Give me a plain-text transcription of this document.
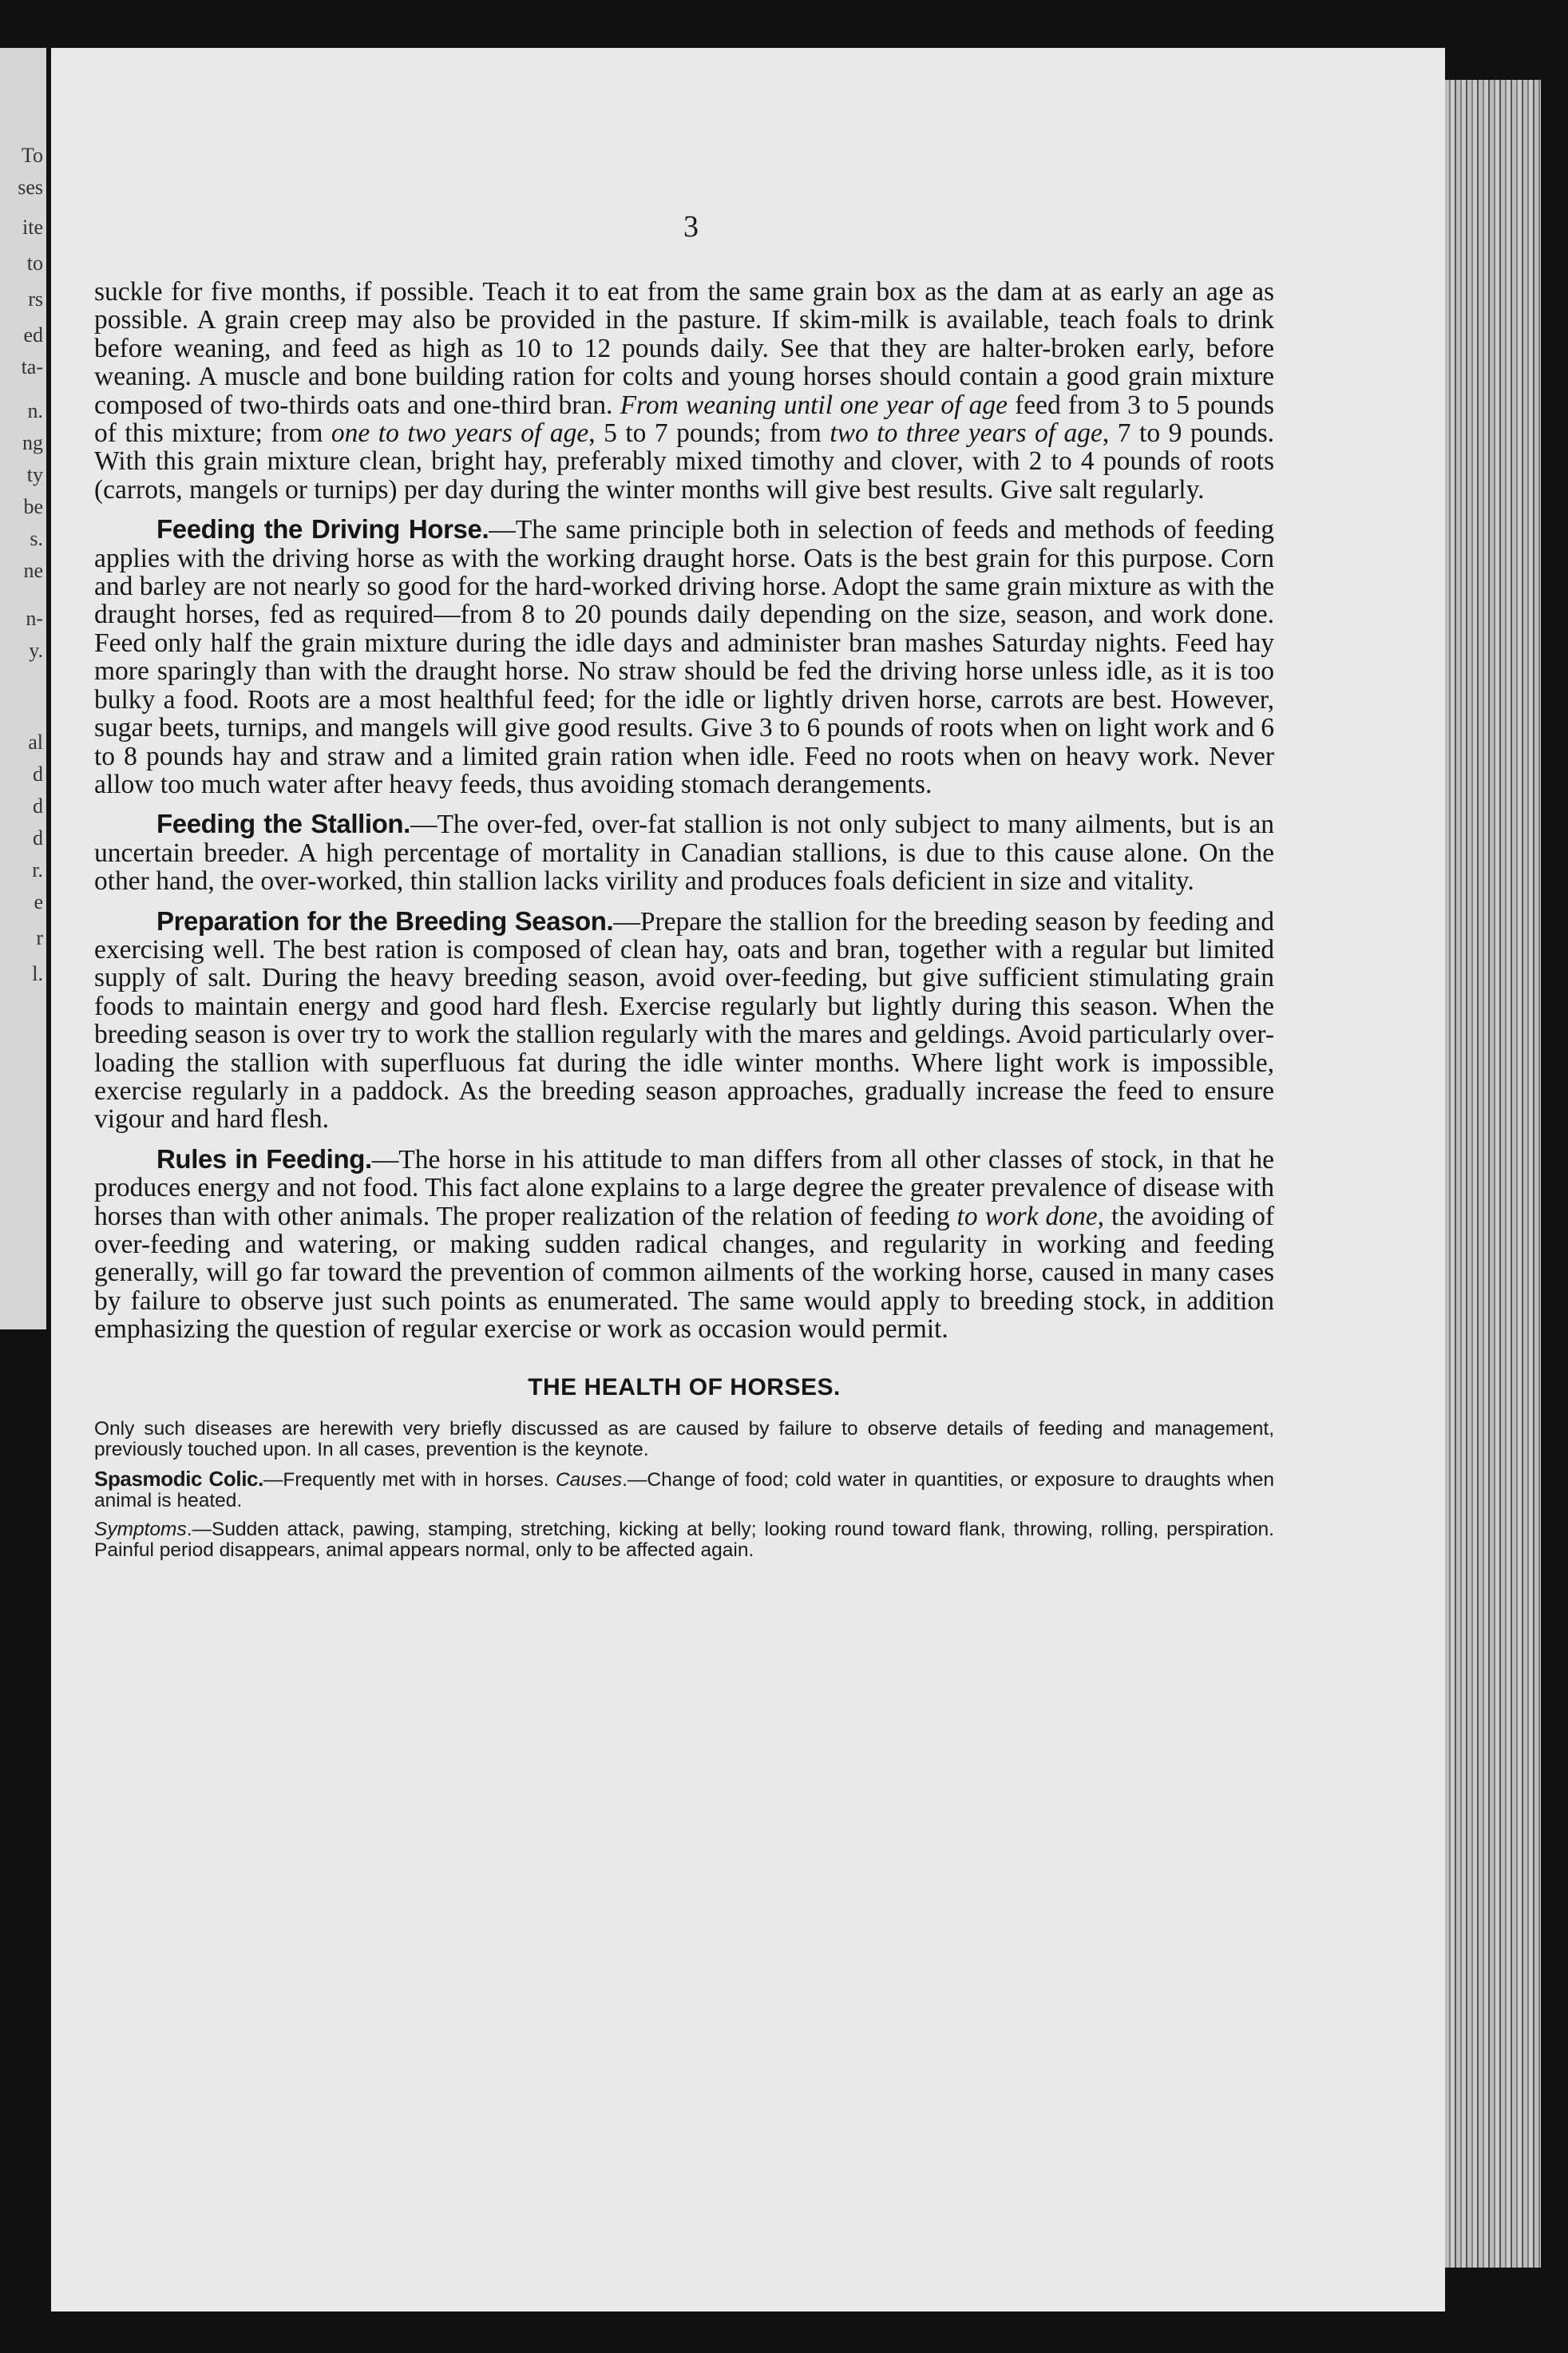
To
ses
ite
to
rs
ed
ta-
n.
ng
ty
be
s.
ne
n-
y.
al
d
d
d
r.
e
r
l.
3

suckle for five months, if possible. Teach it to eat from the same grain box as the dam at as early an age as possible. A grain creep may also be provided in the pasture. If skim-milk is available, teach foals to drink before weaning, and feed as high as 10 to 12 pounds daily. See that they are halter-broken early, before weaning. A muscle and bone building ration for colts and young horses should contain a good grain mixture composed of two-thirds oats and one-third bran. From weaning until one year of age feed from 3 to 5 pounds of this mixture; from one to two years of age, 5 to 7 pounds; from two to three years of age, 7 to 9 pounds. With this grain mixture clean, bright hay, preferably mixed timothy and clover, with 2 to 4 pounds of roots (carrots, mangels or turnips) per day during the winter months will give best results. Give salt regularly.

Feeding the Driving Horse.—The same principle both in selection of feeds and methods of feeding applies with the driving horse as with the working draught horse. Oats is the best grain for this purpose. Corn and barley are not nearly so good for the hard-worked driving horse. Adopt the same grain mixture as with the draught horses, fed as required—from 8 to 20 pounds daily depending on the size, season, and work done. Feed only half the grain mixture during the idle days and administer bran mashes Saturday nights. Feed hay more sparingly than with the draught horse. No straw should be fed the driving horse unless idle, as it is too bulky a food. Roots are a most healthful feed; for the idle or lightly driven horse, carrots are best. However, sugar beets, turnips, and mangels will give good results. Give 3 to 6 pounds of roots when on light work and 6 to 8 pounds hay and straw and a limited grain ration when idle. Feed no roots when on heavy work. Never allow too much water after heavy feeds, thus avoiding stomach derangements.

Feeding the Stallion.—The over-fed, over-fat stallion is not only subject to many ailments, but is an uncertain breeder. A high percentage of mortality in Canadian stallions, is due to this cause alone. On the other hand, the over-worked, thin stallion lacks virility and produces foals deficient in size and vitality.

Preparation for the Breeding Season.—Prepare the stallion for the breeding season by feeding and exercising well. The best ration is composed of clean hay, oats and bran, together with a regular but limited supply of salt. During the heavy breeding season, avoid over-feeding, but give sufficient stimulating grain foods to maintain energy and good hard flesh. Exercise regularly but lightly during this season. When the breeding season is over try to work the stallion regularly with the mares and geldings. Avoid particularly over-loading the stallion with superfluous fat during the idle winter months. Where light work is impossible, exercise regularly in a paddock. As the breeding season approaches, gradually increase the feed to ensure vigour and hard flesh.

Rules in Feeding.—The horse in his attitude to man differs from all other classes of stock, in that he produces energy and not food. This fact alone explains to a large degree the greater prevalence of disease with horses than with other animals. The proper realization of the relation of feeding to work done, the avoiding of over-feeding and watering, or making sudden radical changes, and regularity in working and feeding generally, will go far toward the prevention of common ailments of the working horse, caused in many cases by failure to observe just such points as enumerated. The same would apply to breeding stock, in addition emphasizing the question of regular exercise or work as occasion would permit.

THE HEALTH OF HORSES.

Only such diseases are herewith very briefly discussed as are caused by failure to observe details of feeding and management, previously touched upon. In all cases, prevention is the keynote.

Spasmodic Colic.—Frequently met with in horses. Causes.—Change of food; cold water in quantities, or exposure to draughts when animal is heated.

Symptoms.—Sudden attack, pawing, stamping, stretching, kicking at belly; looking round toward flank, throwing, rolling, perspiration. Painful period disappears, animal appears normal, only to be affected again.
